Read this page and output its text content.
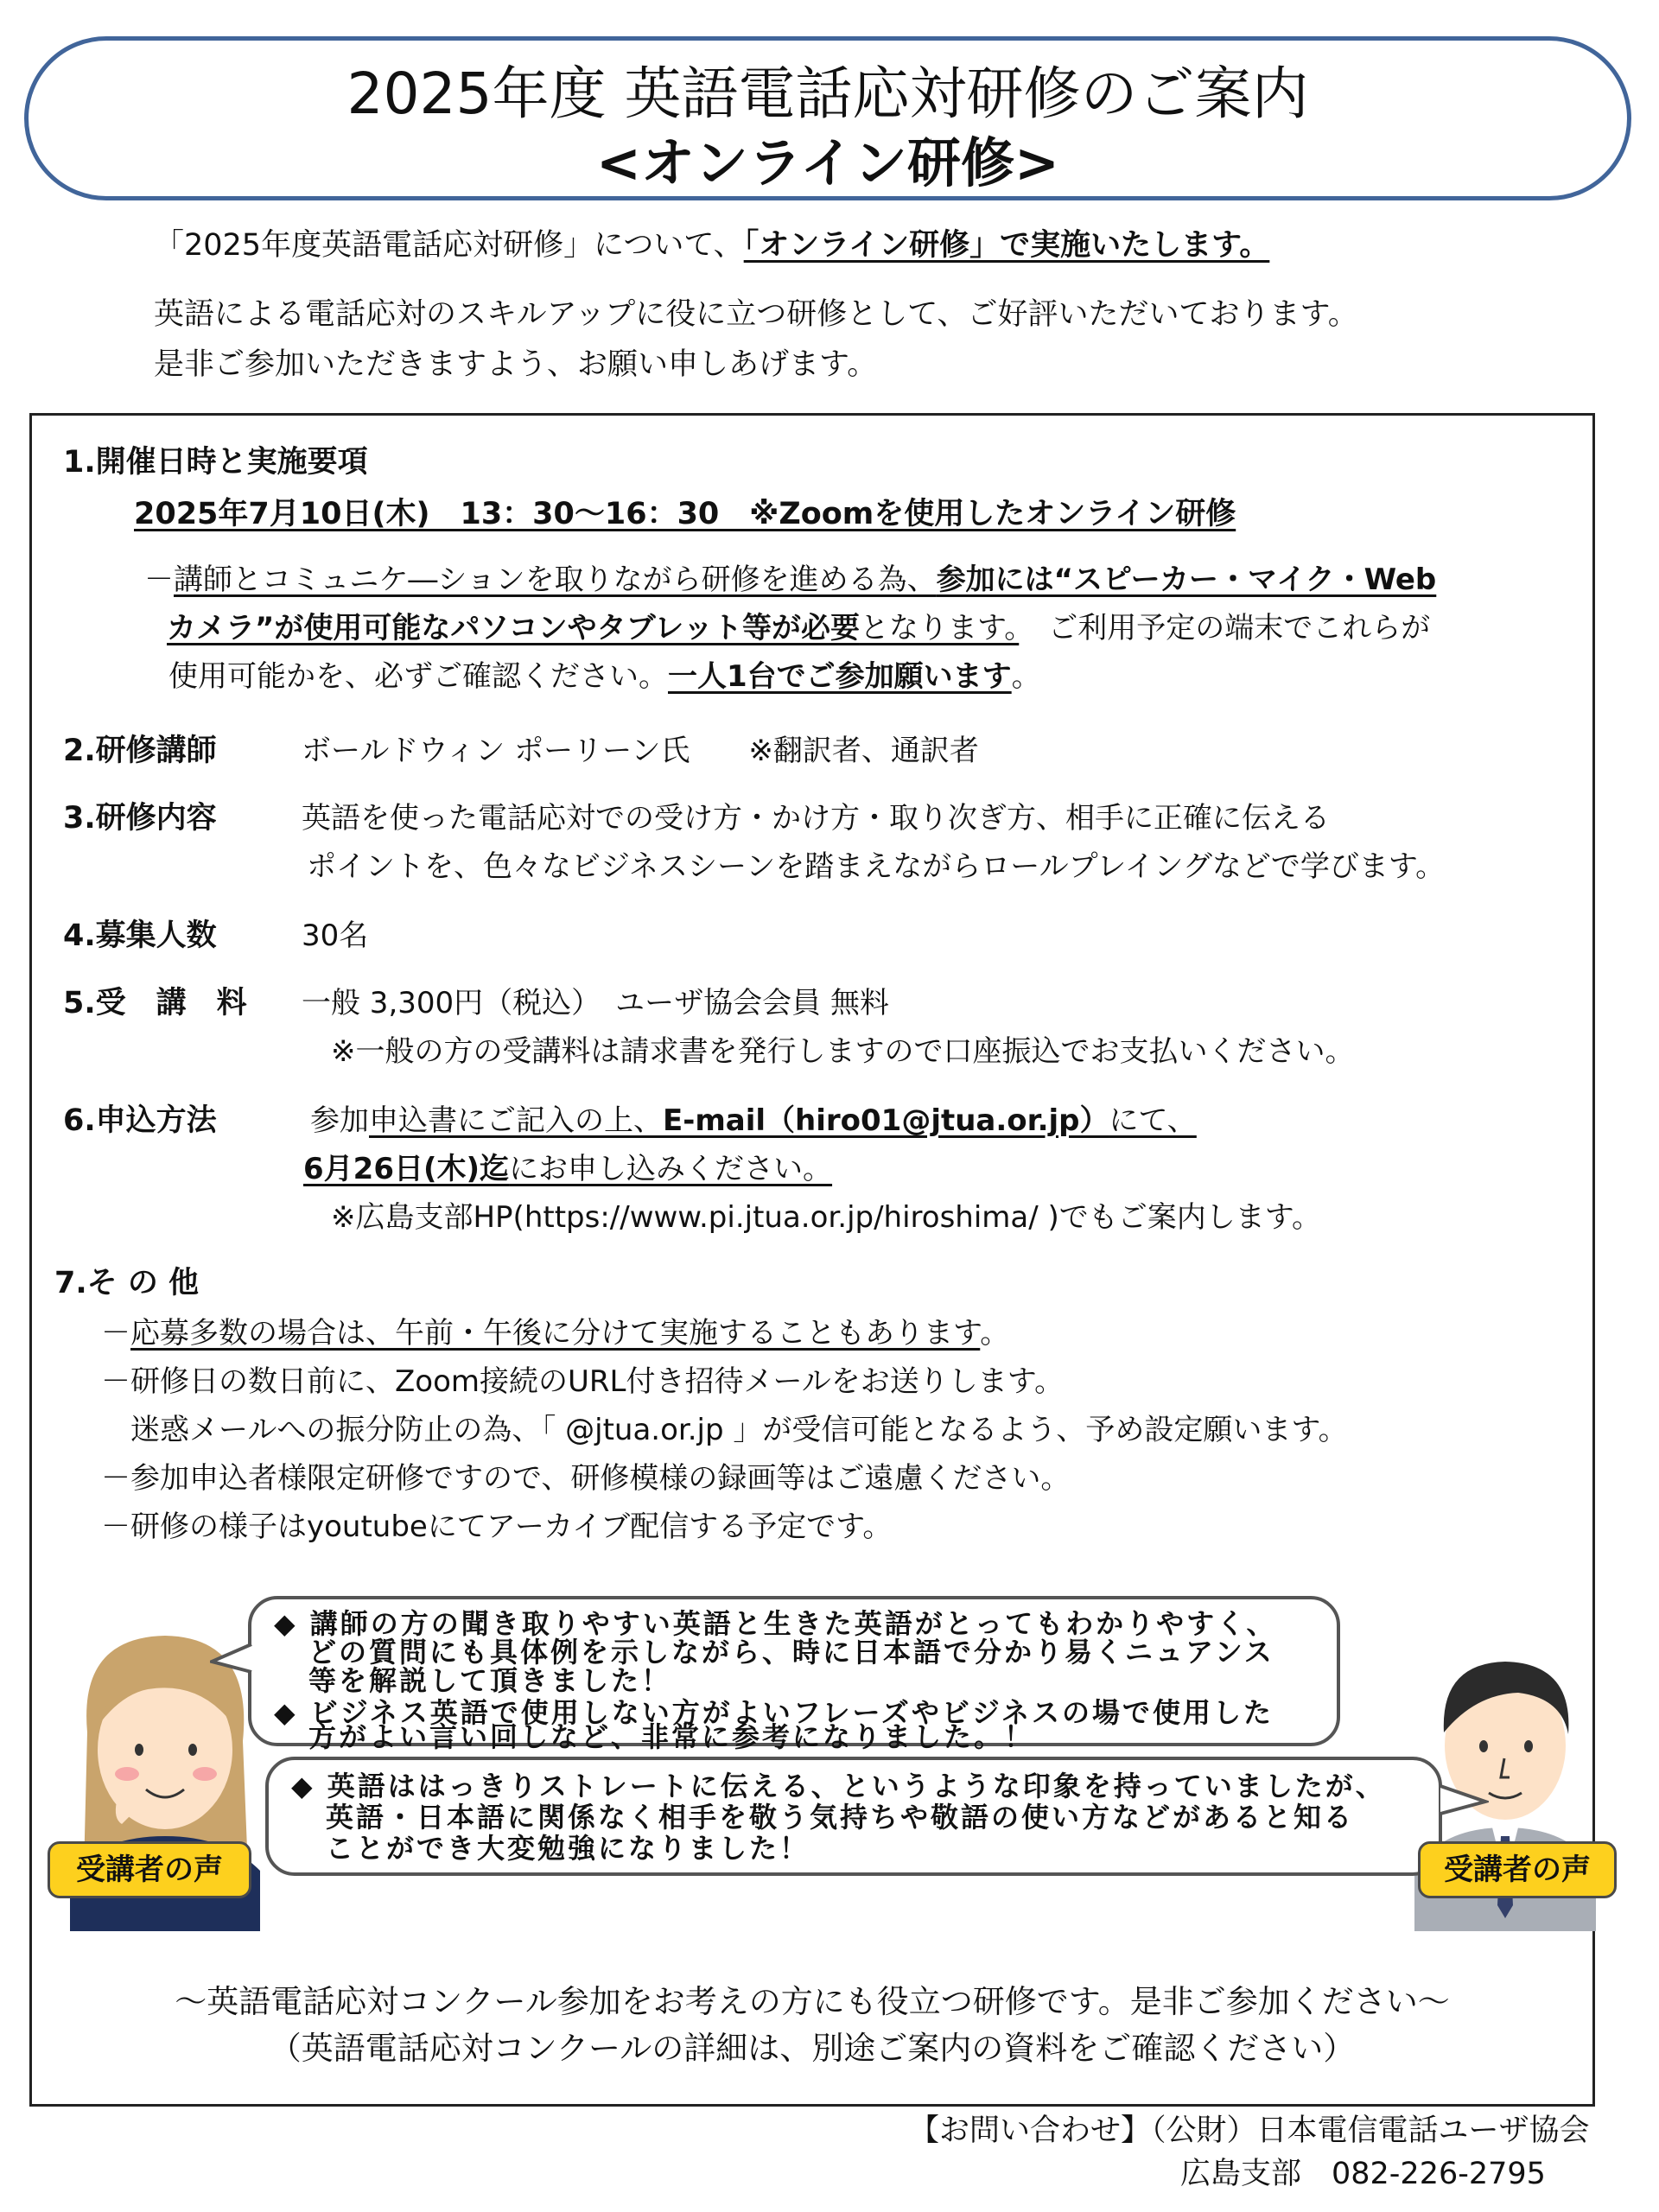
2025年度 英語電話応対研修のご案内
<オンライン研修>
「2025年度英語電話応対研修」について、「オンライン研修」で実施いたします。
英語による電話応対のスキルアップに役に立つ研修として、ご好評いただいております。
是非ご参加いただきますよう、お願い申しあげます。
1.開催日時と実施要項
2025年7月10日(木)　13：30〜16：30　※Zoomを使用したオンライン研修
－講師とコミュニケ―ションを取りながら研修を進める為、参加には“スピーカー・マイク・Web
カメラ”が使用可能なパソコンやタブレット等が必要となります。　ご利用予定の端末でこれらが
使用可能かを、必ずご確認ください。一人1台でご参加願います。
2.研修講師	ボールドウィン ポーリーン氏　　※翻訳者、通訳者
3.研修内容	英語を使った電話応対での受け方・かけ方・取り次ぎ方、相手に正確に伝える
ポイントを、色々なビジネスシーンを踏まえながらロールプレイングなどで学びます。
4.募集人数	30名
5.受　講　料 一般 3,300円（税込）　ユーザ協会会員 無料
※一般の方の受講料は請求書を発行しますので口座振込でお支払いください。
6.申込方法	参加申込書にご記入の上、E-mail（hiro01@jtua.or.jp）にて、
6月26日(木)迄にお申し込みください。
※広島支部HP(https://www.pi.jtua.or.jp/hiroshima/ )でもご案内します。
7.そ の 他
－応募多数の場合は、午前・午後に分けて実施することもあります。
－研修日の数日前に、Zoom接続のURL付き招待メールをお送りします。
迷惑メールへの振分防止の為、「 @jtua.or.jp 」が受信可能となるよう、予め設定願います。
－参加申込者様限定研修ですので、研修模様の録画等はご遠慮ください。
－研修の様子はyoutubeにてアーカイブ配信する予定です。
◆ 講師の方の聞き取りやすい英語と生きた英語がとってもわかりやすく、
どの質問にも具体例を示しながら、時に日本語で分かり易くニュアンス
等を解説して頂きました！
◆ ビジネス英語で使用しない方がよいフレーズやビジネスの場で使用した
方がよい言い回しなど、非常に参考になりました。！
◆ 英語ははっきりストレートに伝える、というような印象を持っていましたが、
英語・日本語に関係なく相手を敬う気持ちや敬語の使い方などがあると知る
ことができ大変勉強になりました！
受講者の声	受講者の声
〜英語電話応対コンクール参加をお考えの方にも役立つ研修です。是非ご参加ください〜
（英語電話応対コンクールの詳細は、別途ご案内の資料をご確認ください）
【お問い合わせ】（公財）日本電信電話ユーザ協会
広島支部　082-226-2795
